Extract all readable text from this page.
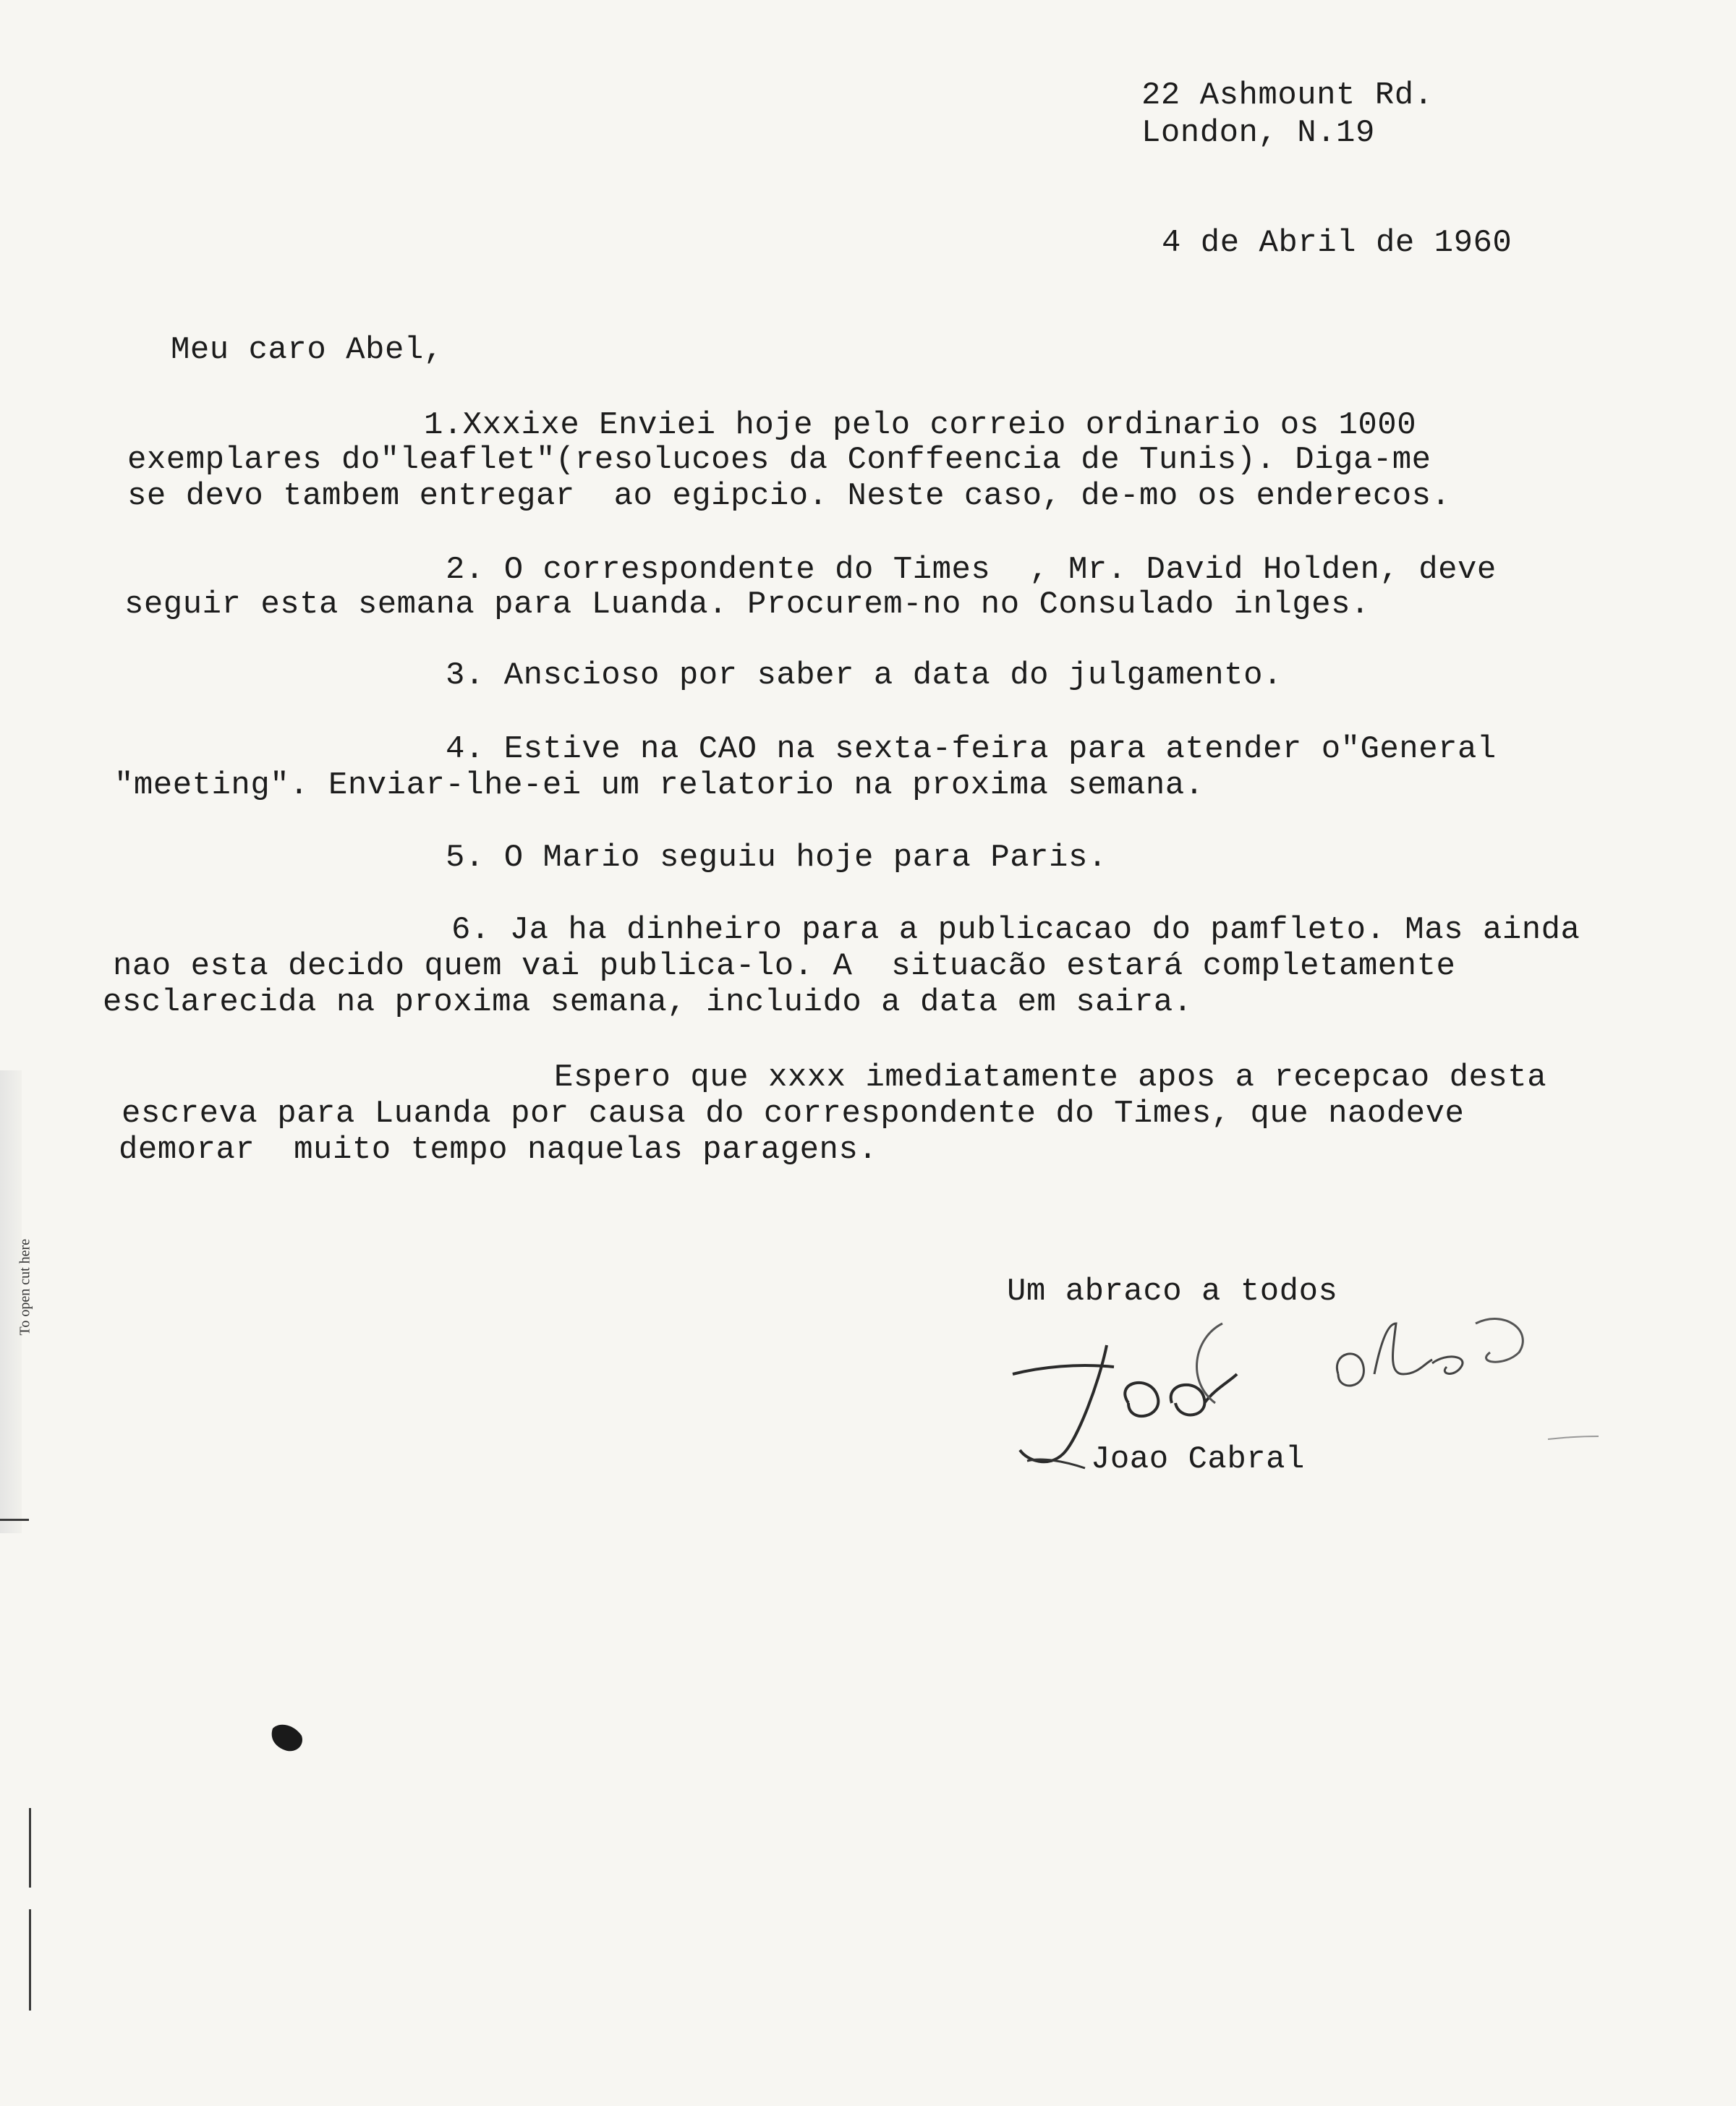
22 Ashmount Rd.
London, N.19
4 de Abril de 1960
Meu caro Abel,
1.Xxxixe Enviei hoje pelo correio ordinario os 1000
exemplares do"leaflet"(resolucoes da Conffeencia de Tunis). Diga-me
se devo tambem entregar  ao egipcio. Neste caso, de-mo os enderecos.
2. O correspondente do Times  , Mr. David Holden, deve
seguir esta semana para Luanda. Procurem-no no Consulado inlges.
3. Anscioso por saber a data do julgamento.
4. Estive na CAO na sexta-feira para atender o"General
"meeting". Enviar-lhe-ei um relatorio na proxima semana.
5. O Mario seguiu hoje para Paris.
6. Ja ha dinheiro para a publicacao do pamfleto. Mas ainda
nao esta decido quem vai publica-lo. A  situacão estará completamente
esclarecida na proxima semana, incluido a data em saira.
Espero que xxxx imediatamente apos a recepcao desta
escreva para Luanda por causa do correspondente do Times, que naodeve
demorar  muito tempo naquelas paragens.
Um abraco a todos
Joao Cabral
To open cut here
